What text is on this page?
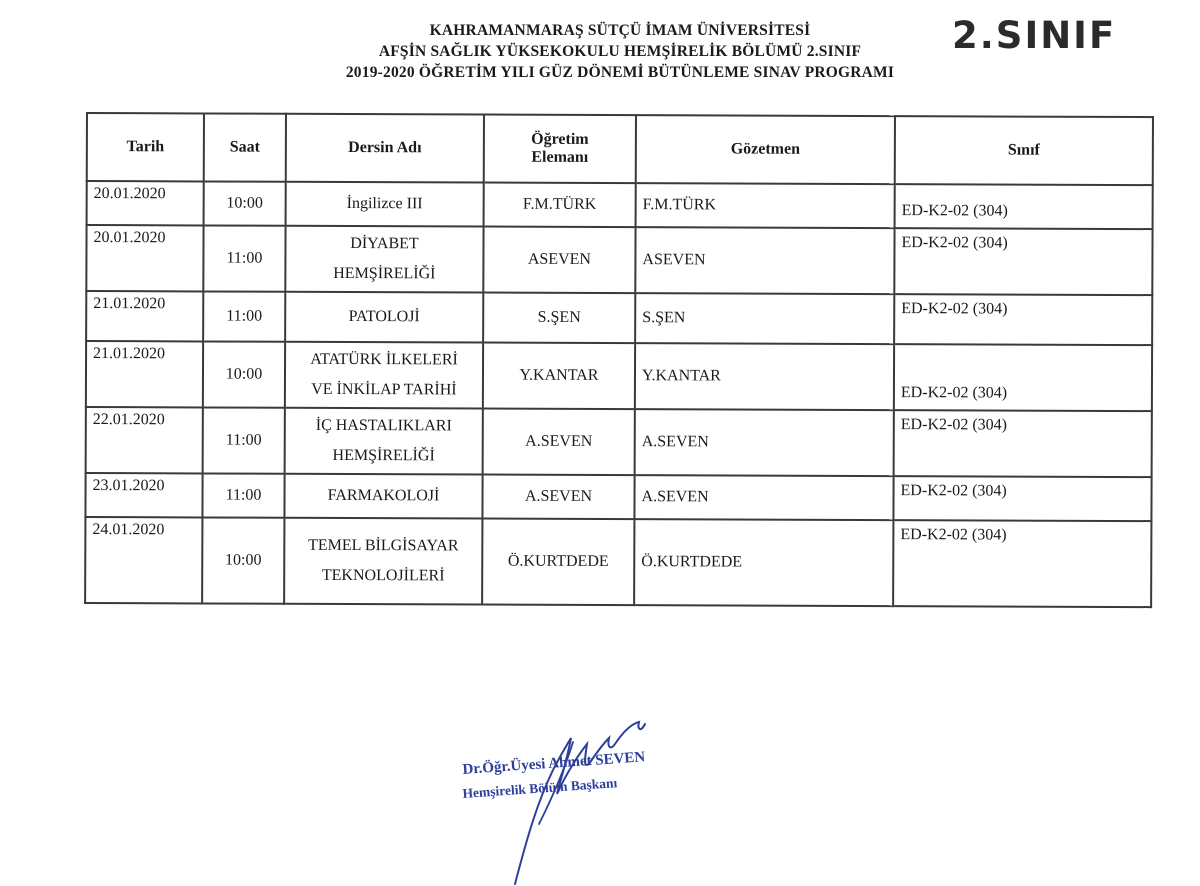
KAHRAMANMARAŞ SÜTÇÜ İMAM ÜNİVERSİTESİ
AFŞİN SAĞLIK YÜKSEKOKULU HEMŞİRELİK BÖLÜMÜ 2.SINIF
2019-2020 ÖĞRETİM YILI GÜZ DÖNEMİ BÜTÜNLEME SINAV PROGRAMI
2.SINIF
Tarih	Saat	Dersin Adı	Öğretim
Elemanı	Gözetmen	Sınıf
20.01.2020	10:00	İngilizce III	F.M.TÜRK	F.M.TÜRK	ED-K2-02 (304)
20.01.2020	11:00	DİYABET
HEMŞİRELİĞİ	ASEVEN	ASEVEN	ED-K2-02 (304)
21.01.2020	11:00	PATOLOJİ	S.ŞEN	S.ŞEN	ED-K2-02 (304)
21.01.2020	10:00	ATATÜRK İLKELERİ
VE İNKİLAP TARİHİ	Y.KANTAR	Y.KANTAR	ED-K2-02 (304)
22.01.2020	11:00	İÇ HASTALIKLARI
HEMŞİRELİĞİ	A.SEVEN	A.SEVEN	ED-K2-02 (304)
23.01.2020	11:00	FARMAKOLOJİ	A.SEVEN	A.SEVEN	ED-K2-02 (304)
24.01.2020	10:00	TEMEL BİLGİSAYAR
TEKNOLOJİLERİ	Ö.KURTDEDE	Ö.KURTDEDE	ED-K2-02 (304)
Dr.Öğr.Üyesi Ahmet SEVEN
Hemşirelik Bölüm Başkanı
